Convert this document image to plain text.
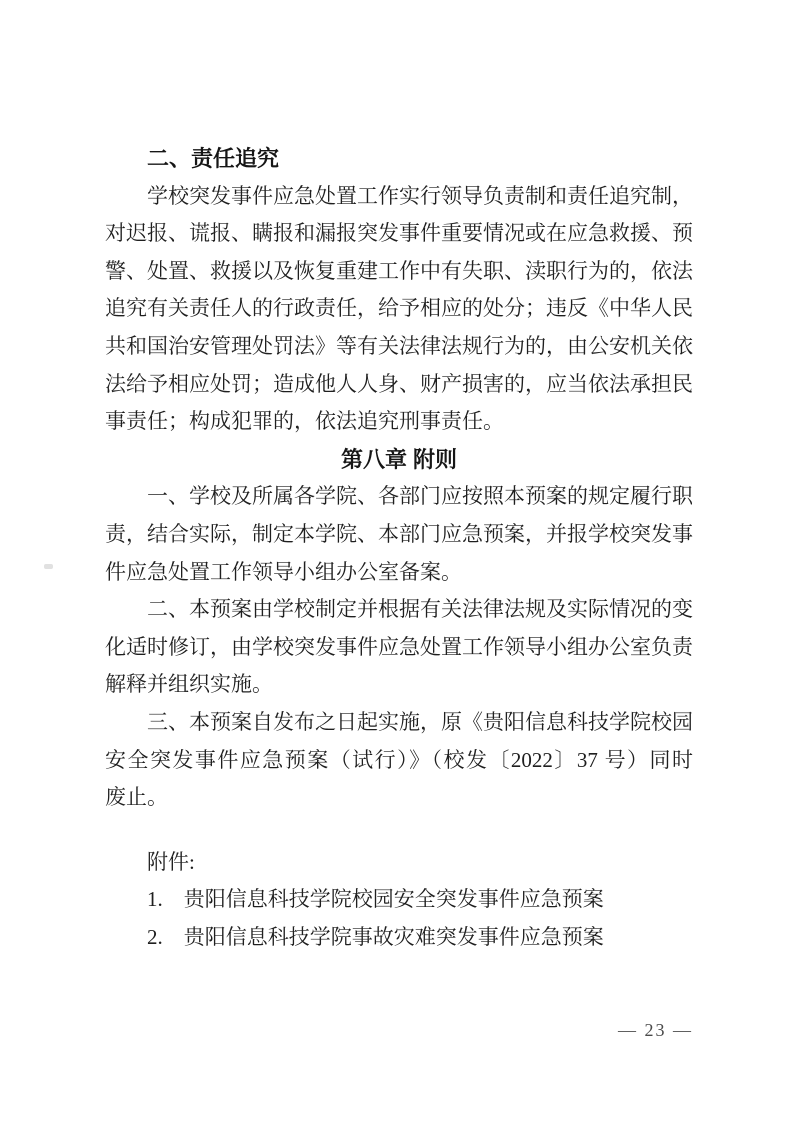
二、责任追究
学校突发事件应急处置工作实行领导负责制和责任追究制，
对迟报、谎报、瞒报和漏报突发事件重要情况或在应急救援、预
警、处置、救援以及恢复重建工作中有失职、渎职行为的，依法
追究有关责任人的行政责任，给予相应的处分；违反《中华人民
共和国治安管理处罚法》等有关法律法规行为的，由公安机关依
法给予相应处罚；造成他人人身、财产损害的，应当依法承担民
事责任；构成犯罪的，依法追究刑事责任。
第八章 附则
一、学校及所属各学院、各部门应按照本预案的规定履行职
责，结合实际，制定本学院、本部门应急预案，并报学校突发事
件应急处置工作领导小组办公室备案。
二、本预案由学校制定并根据有关法律法规及实际情况的变
化适时修订，由学校突发事件应急处置工作领导小组办公室负责
解释并组织实施。
三、本预案自发布之日起实施，原《贵阳信息科技学院校园
安全突发事件应急预案（试行）》（校发〔2022〕37 号）同时
废止。
附件:
1.　贵阳信息科技学院校园安全突发事件应急预案
2.　贵阳信息科技学院事故灾难突发事件应急预案
— 23 —
